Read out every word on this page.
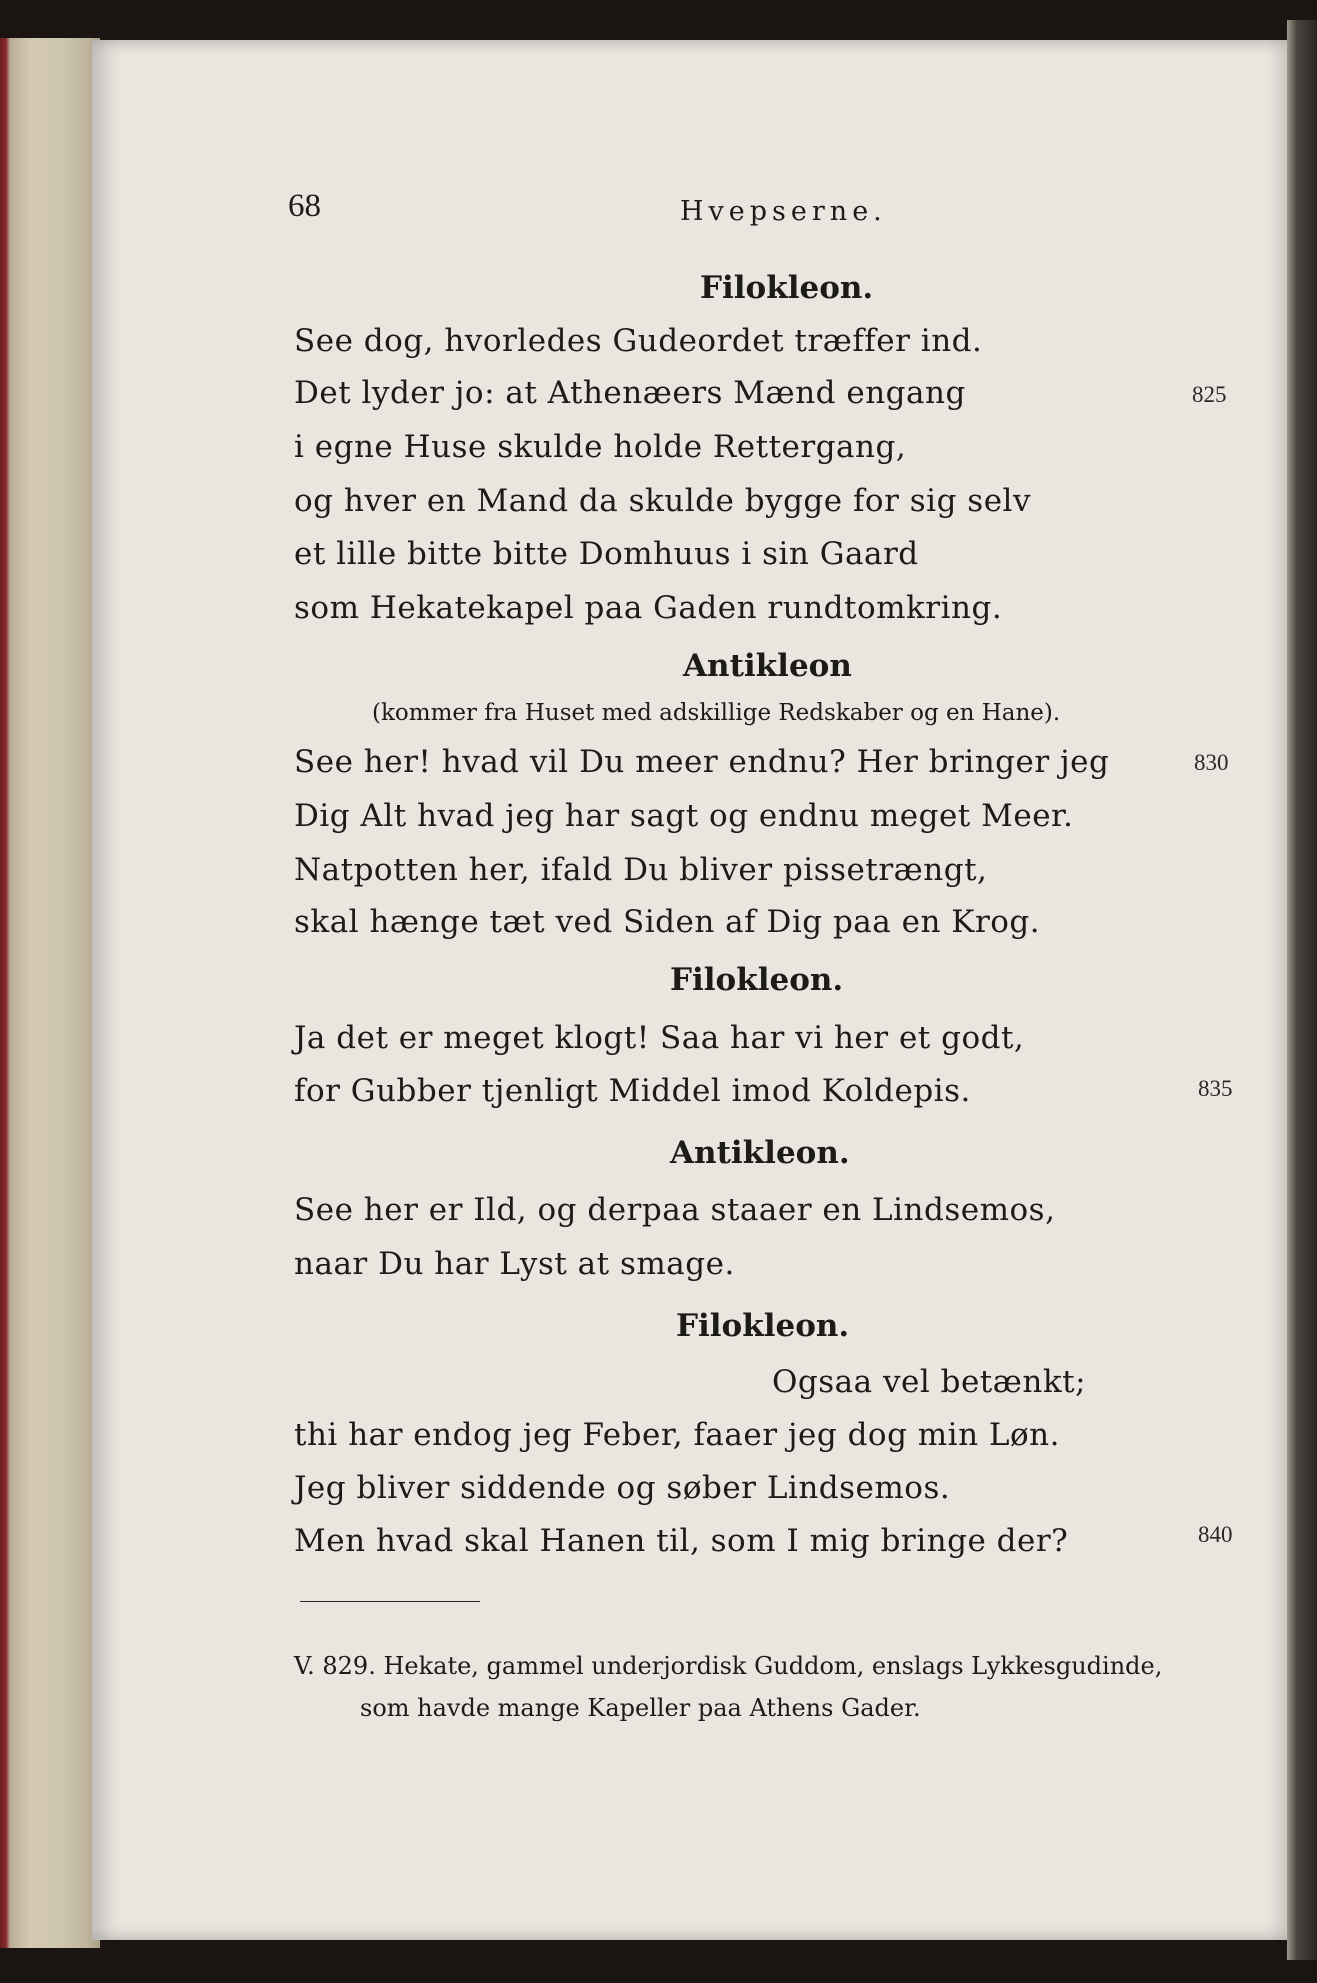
68	Hvepserne.
Filokleon.
See dog, hvorledes Gudeordet træffer ind.
Det lyder jo: at Athenæers Mænd engang	825
i egne Huse skulde holde Rettergang,
og hver en Mand da skulde bygge for sig selv
et lille bitte bitte Domhuus i sin Gaard
som Hekatekapel paa Gaden rundtomkring.
Antikleon
(kommer fra Huset med adskillige Redskaber og en Hane).
See her! hvad vil Du meer endnu? Her bringer jeg	830
Dig Alt hvad jeg har sagt og endnu meget Meer.
Natpotten her, ifald Du bliver pissetrængt,
skal hænge tæt ved Siden af Dig paa en Krog.
Filokleon.
Ja det er meget klogt! Saa har vi her et godt,
for Gubber tjenligt Middel imod Koldepis.	835
Antikleon.
See her er Ild, og derpaa staaer en Lindsemos,
naar Du har Lyst at smage.
Filokleon.
Ogsaa vel betænkt;
thi har endog jeg Feber, faaer jeg dog min Løn.
Jeg bliver siddende og søber Lindsemos.
Men hvad skal Hanen til, som I mig bringe der?	840
V. 829. Hekate, gammel underjordisk Guddom, enslags Lykkesgudinde,
som havde mange Kapeller paa Athens Gader.
